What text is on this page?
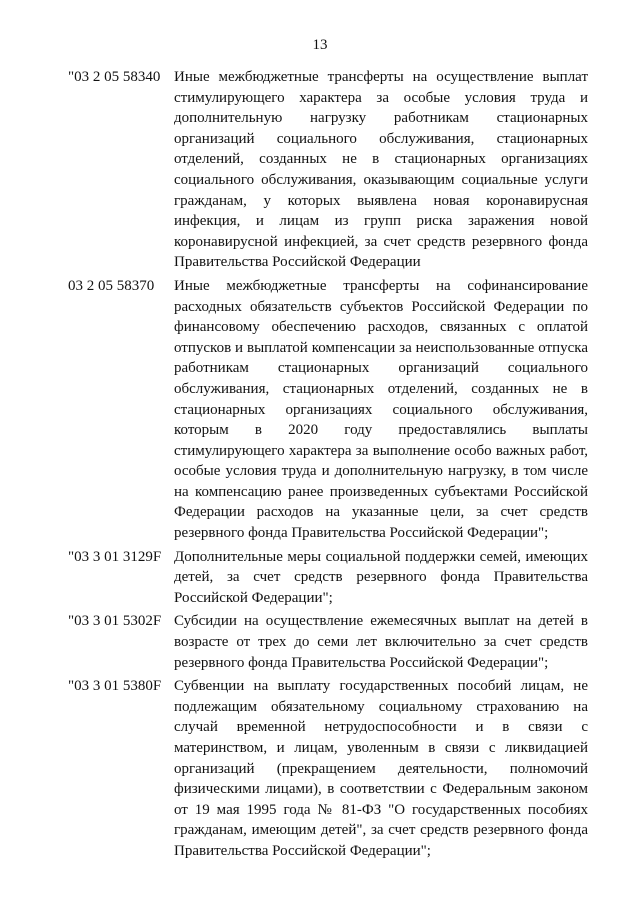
13
"03 2 05 58340 Иные межбюджетные трансферты на осуществление выплат
стимулирующего характера за особые условия труда и
дополнительную нагрузку работникам стационарных
организаций социального обслуживания, стационарных
отделений, созданных не в стационарных организациях
социального обслуживания, оказывающим социальные услуги
гражданам, у которых выявлена новая коронавирусная
инфекция, и лицам из групп риска заражения новой
коронавирусной инфекцией, за счет средств резервного фонда
Правительства Российской Федерации
03 2 05 58370	Иные межбюджетные трансферты на софинансирование
расходных обязательств субъектов Российской Федерации по
финансовому обеспечению расходов, связанных с оплатой
отпусков и выплатой компенсации за неиспользованные отпуска
работникам стационарных организаций социального
обслуживания, стационарных отделений, созданных не в
стационарных организациях социального обслуживания,
которым в 2020 году предоставлялись выплаты
стимулирующего характера за выполнение особо важных работ,
особые условия труда и дополнительную нагрузку, в том числе
на компенсацию ранее произведенных субъектами Российской
Федерации расходов на указанные цели, за счет средств
резервного фонда Правительства Российской Федерации";
"03 3 01 3129F Дополнительные меры социальной поддержки семей, имеющих
детей, за счет средств резервного фонда Правительства
Российской Федерации";
"03 3 01 5302F Субсидии на осуществление ежемесячных выплат на детей в
возрасте от трех до семи лет включительно за счет средств
резервного фонда Правительства Российской Федерации";
"03 3 01 5380F Субвенции на выплату государственных пособий лицам, не
подлежащим обязательному социальному страхованию на
случай временной нетрудоспособности и в связи с
материнством, и лицам, уволенным в связи с ликвидацией
организаций (прекращением деятельности, полномочий
физическими лицами), в соответствии с Федеральным законом
от 19 мая 1995 года № 81-ФЗ "О государственных пособиях
гражданам, имеющим детей", за счет средств резервного фонда
Правительства Российской Федерации";
